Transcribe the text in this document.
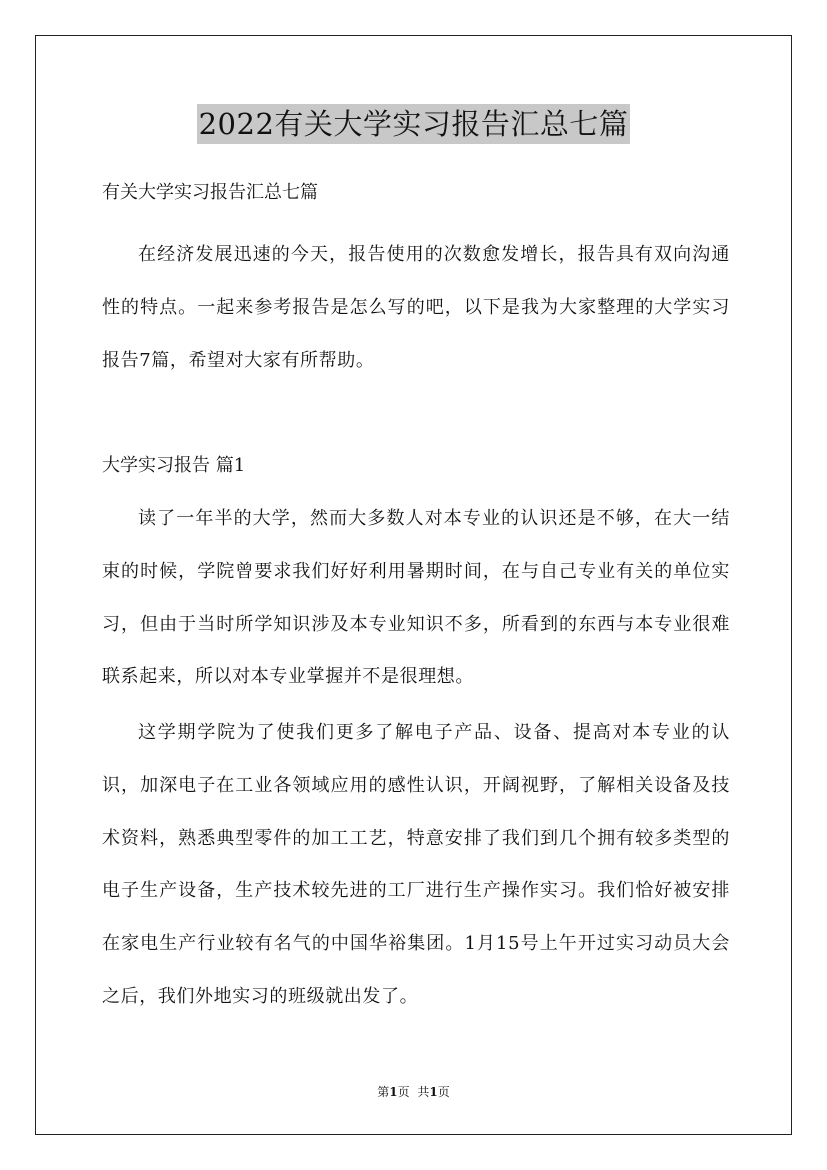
2022有关大学实习报告汇总七篇
有关大学实习报告汇总七篇

在经济发展迅速的今天，报告使用的次数愈发增长，报告具有双向沟通性的特点。一起来参考报告是怎么写的吧，以下是我为大家整理的大学实习报告7篇，希望对大家有所帮助。

大学实习报告 篇1

读了一年半的大学，然而大多数人对本专业的认识还是不够，在大一结束的时候，学院曾要求我们好好利用暑期时间，在与自己专业有关的单位实习，但由于当时所学知识涉及本专业知识不多，所看到的东西与本专业很难联系起来，所以对本专业掌握并不是很理想。

这学期学院为了使我们更多了解电子产品、设备、提高对本专业的认识，加深电子在工业各领域应用的感性认识，开阔视野，了解相关设备及技术资料，熟悉典型零件的加工工艺，特意安排了我们到几个拥有较多类型的电子生产设备，生产技术较先进的工厂进行生产操作实习。我们恰好被安排在家电生产行业较有名气的中国华裕集团。1月15号上午开过实习动员大会之后，我们外地实习的班级就出发了。

第1页 共1页
